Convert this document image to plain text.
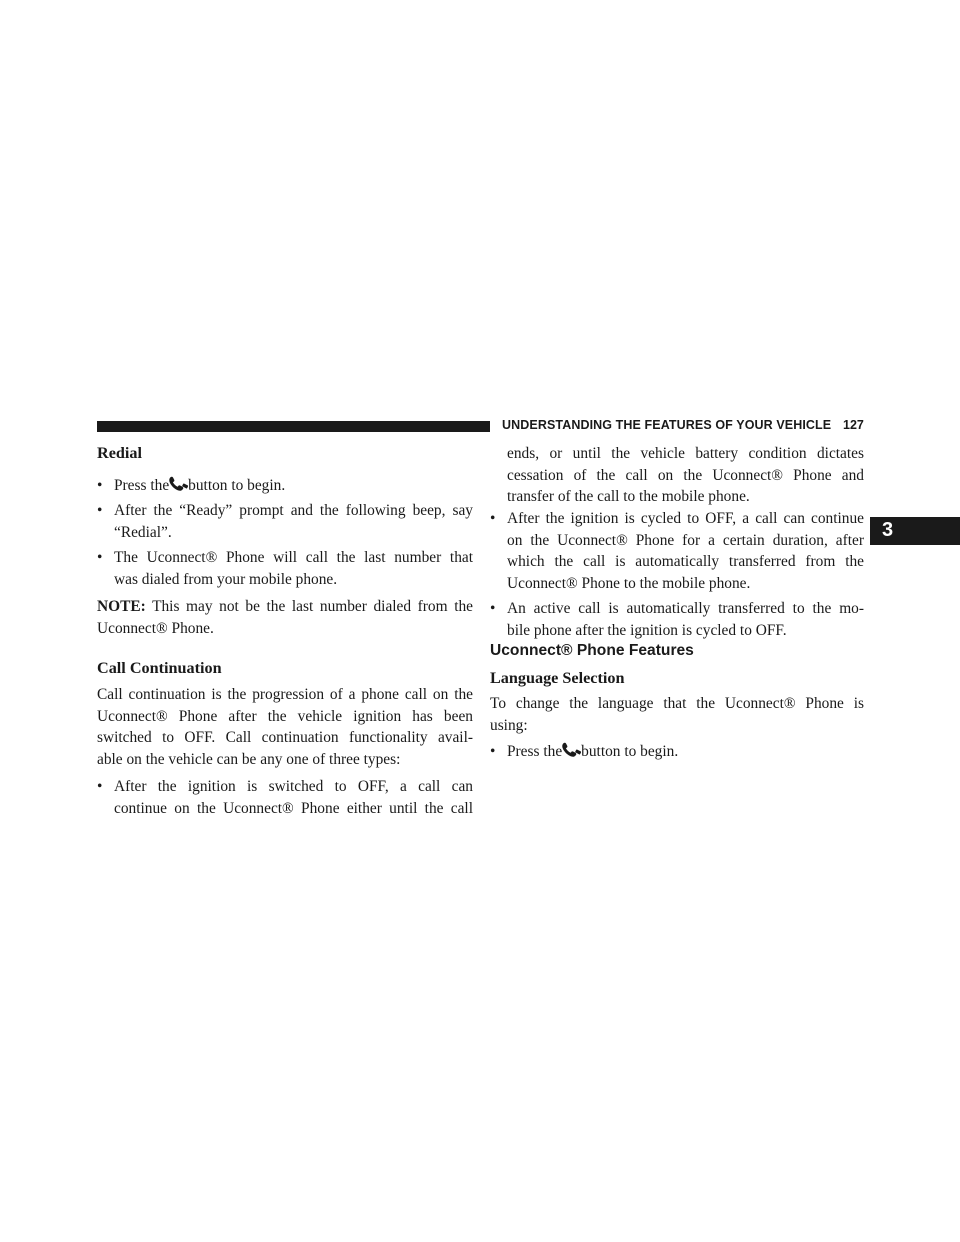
UNDERSTANDING THE FEATURES OF YOUR VEHICLE 127
3
Redial
• Press the button to begin.
• After the “Ready” prompt and the following beep, say
“Redial”.
• The Uconnect® Phone will call the last number that
was dialed from your mobile phone.
NOTE: This may not be the last number dialed from the
Uconnect® Phone.
Call Continuation
Call continuation is the progression of a phone call on the
Uconnect® Phone after the vehicle ignition has been
switched to OFF. Call continuation functionality avail-
able on the vehicle can be any one of three types:
• After the ignition is switched to OFF, a call can
continue on the Uconnect® Phone either until the call
ends, or until the vehicle battery condition dictates
cessation of the call on the Uconnect® Phone and
transfer of the call to the mobile phone.
• After the ignition is cycled to OFF, a call can continue
on the Uconnect® Phone for a certain duration, after
which the call is automatically transferred from the
Uconnect® Phone to the mobile phone.
• An active call is automatically transferred to the mo-
bile phone after the ignition is cycled to OFF.
Uconnect® Phone Features
Language Selection
To change the language that the Uconnect® Phone is
using:
• Press the button to begin.
